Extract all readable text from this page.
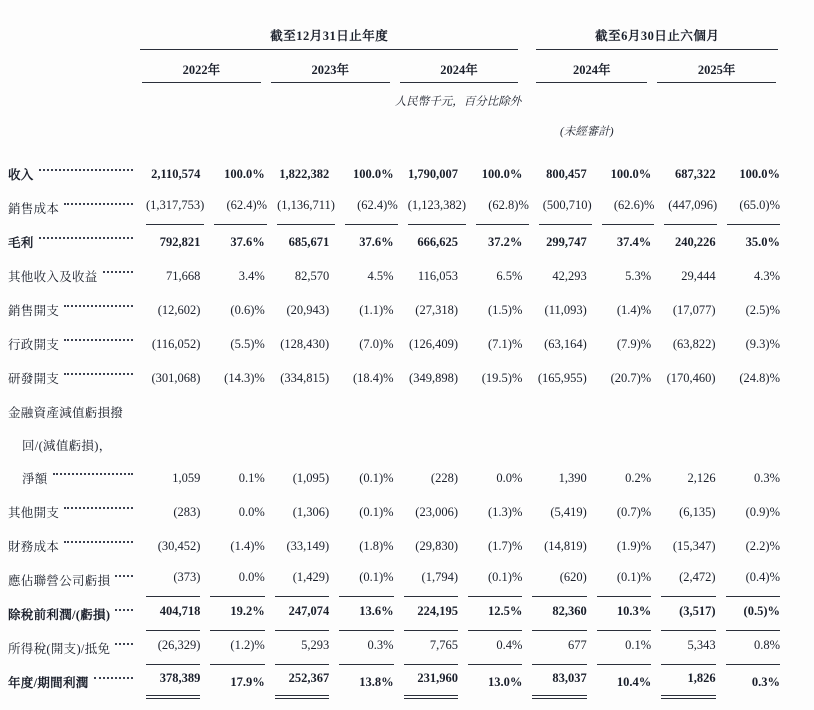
截至12月31日止年度	截至6月30日止六個月
2022年	2023年	2024年	2024年	2025年
人民幣千元，百分比除外
(未經審計)
收入	2,110,574	100.0%	1,822,382	100.0%	1,790,007	100.0%	800,457	100.0%	687,322	100.0%
銷售成本	(1,317,753)	(62.4)% (1,136,711)	(62.4)% (1,123,382)	(62.8)%	(500,710)	(62.6)%	(447,096)	(65.0)%
毛利	792,821	37.6%	685,671	37.6%	666,625	37.2%	299,747	37.4%	240,226	35.0%
其他收入及收益	71,668	3.4%	82,570	4.5%	116,053	6.5%	42,293	5.3%	29,444	4.3%
銷售開支	(12,602)	(0.6)%	(20,943)	(1.1)%	(27,318)	(1.5)%	(11,093)	(1.4)%	(17,077)	(2.5)%
行政開支	(116,052)	(5.5)%	(128,430)	(7.0)%	(126,409)	(7.1)%	(63,164)	(7.9)%	(63,822)	(9.3)%
研發開支	(301,068)	(14.3)%	(334,815)	(18.4)%	(349,898)	(19.5)%	(165,955)	(20.7)%	(170,460)	(24.8)%
金融資產減值虧損撥
回/(減值虧損)，
淨額	1,059	0.1%	(1,095)	(0.1)%	(228)	0.0%	1,390	0.2%	2,126	0.3%
其他開支	(283)	0.0%	(1,306)	(0.1)%	(23,006)	(1.3)%	(5,419)	(0.7)%	(6,135)	(0.9)%
財務成本	(30,452)	(1.4)%	(33,149)	(1.8)%	(29,830)	(1.7)%	(14,819)	(1.9)%	(15,347)	(2.2)%
應佔聯營公司虧損	(373)	0.0%	(1,429)	(0.1)%	(1,794)	(0.1)%	(620)	(0.1)%	(2,472)	(0.4)%
除稅前利潤/(虧損)	404,718	19.2%	247,074	13.6%	224,195	12.5%	82,360	10.3%	(3,517)	(0.5)%
所得稅(開支)/抵免	(26,329)	(1.2)%	5,293	0.3%	7,765	0.4%	677	0.1%	5,343	0.8%
年度/期間利潤	378,389	17.9%	252,367	13.8%	231,960	13.0%	83,037	10.4%	1,826	0.3%
